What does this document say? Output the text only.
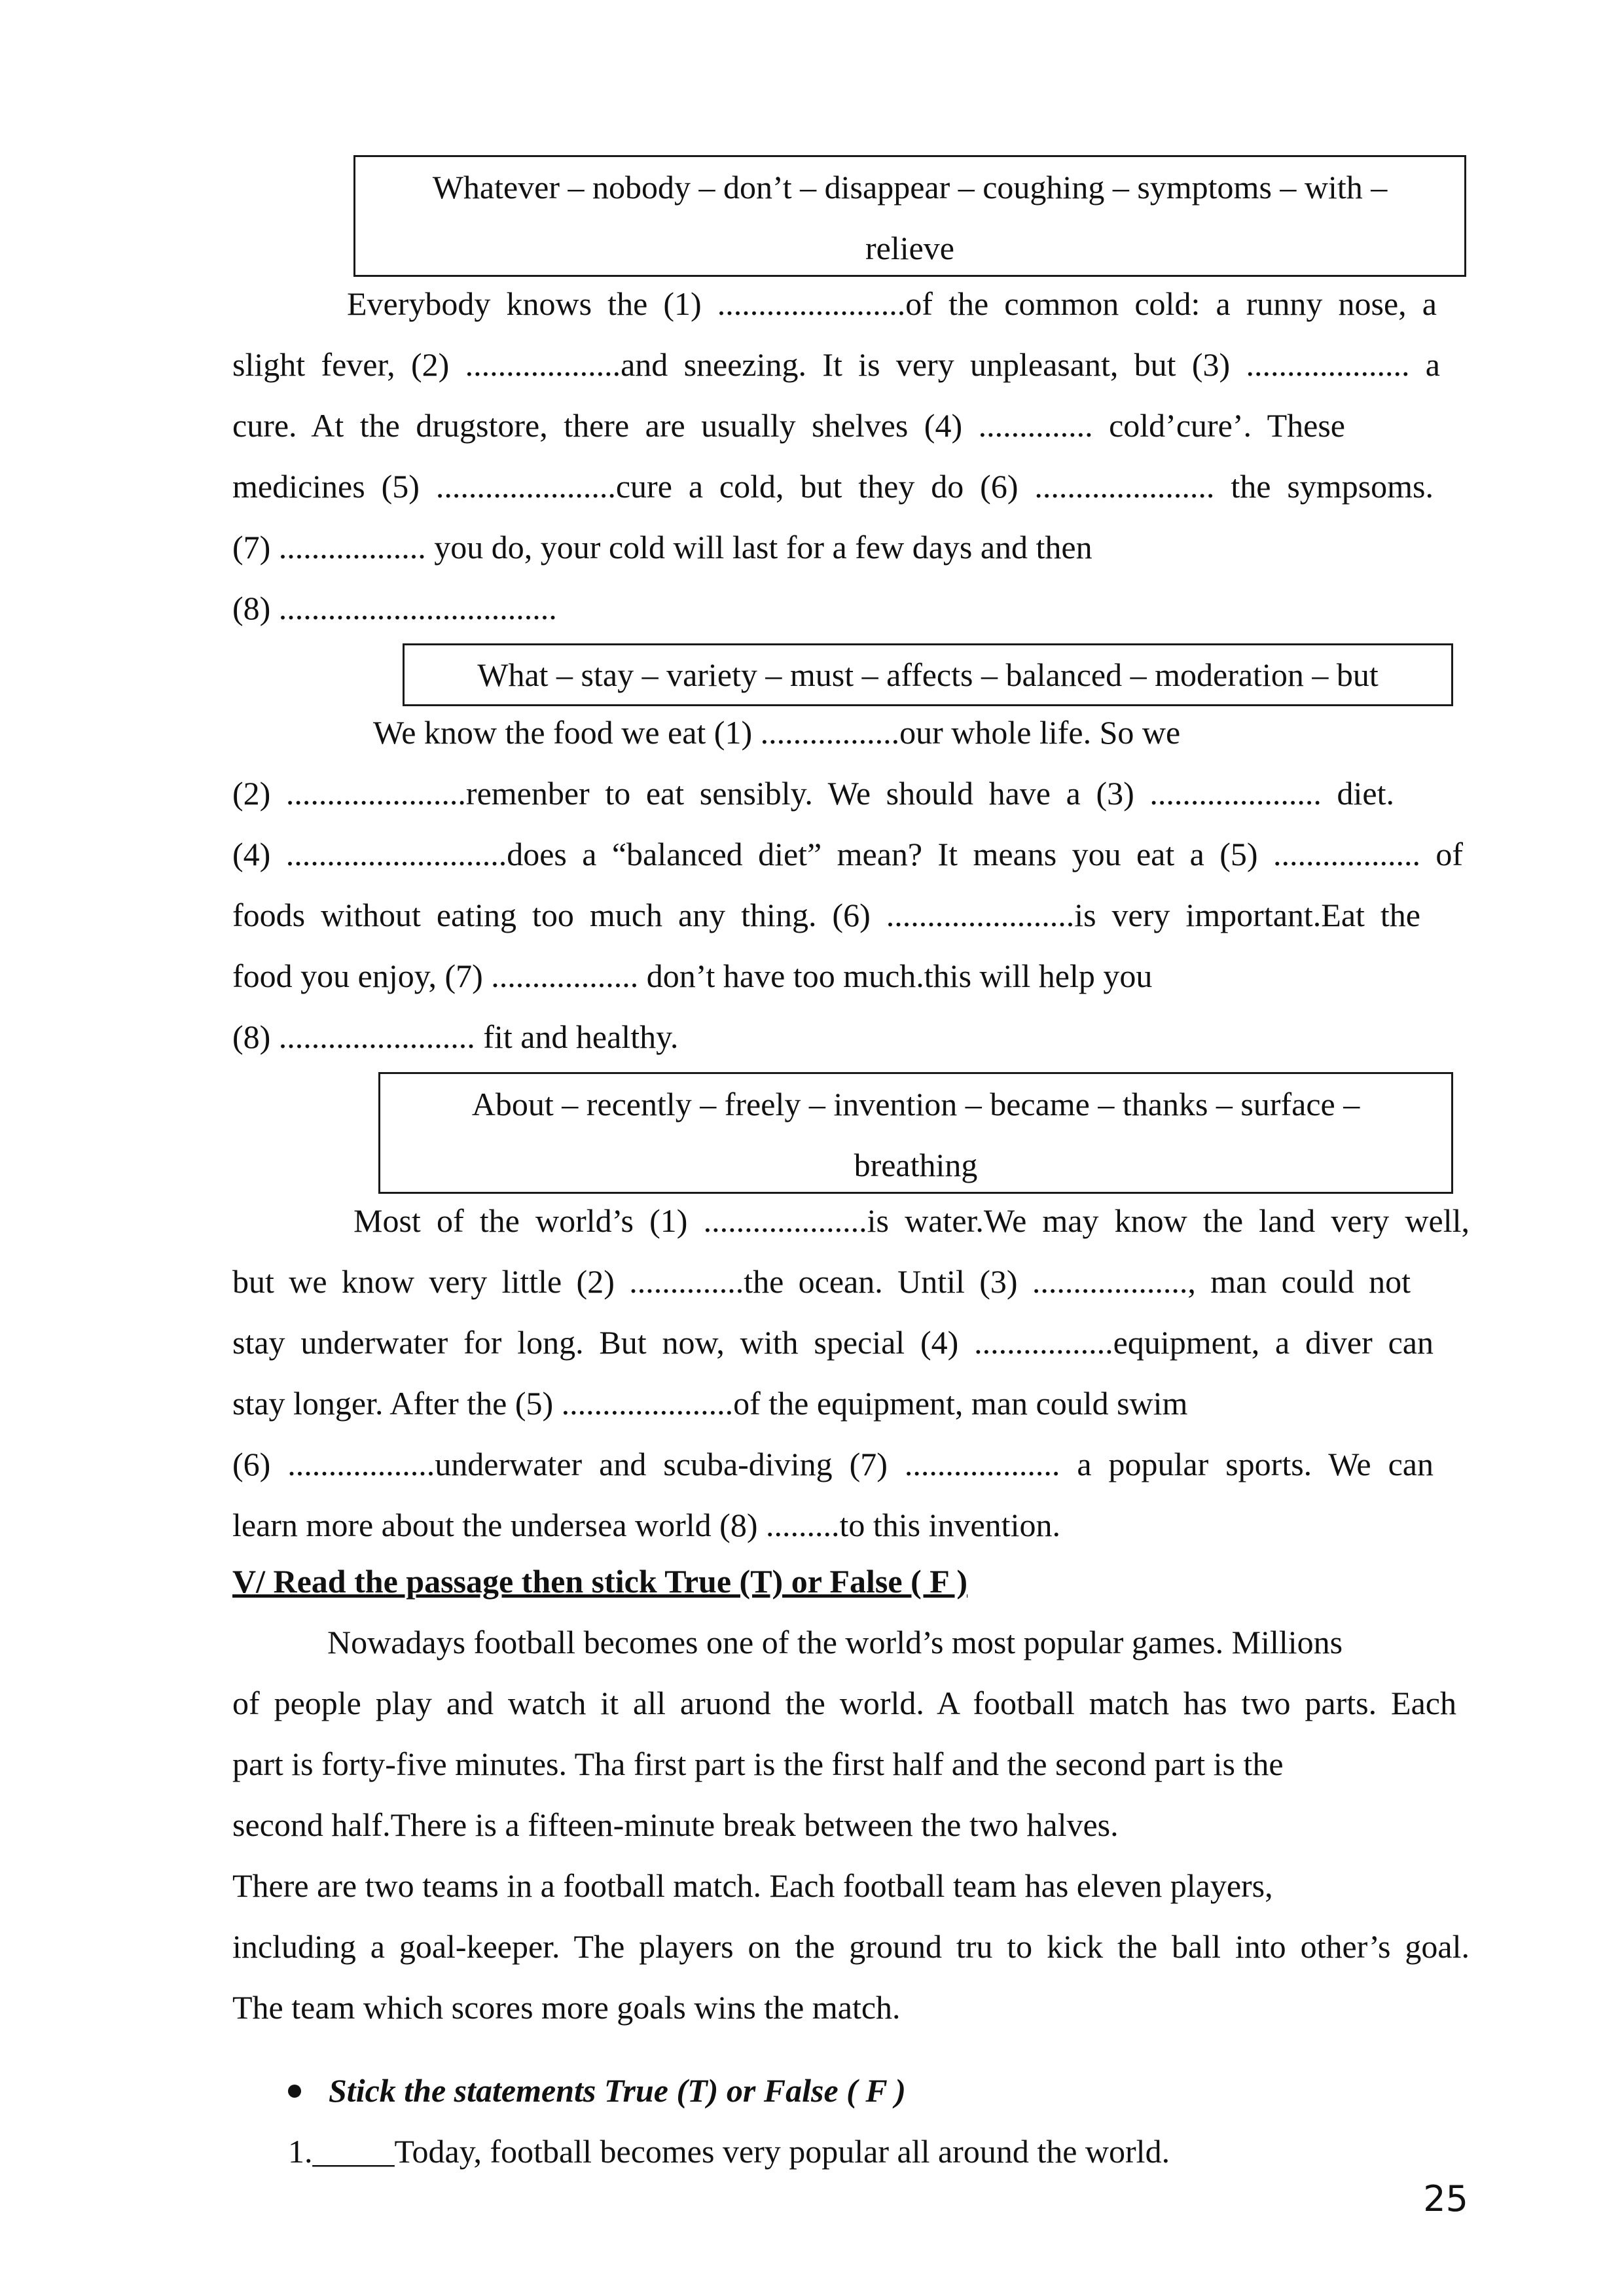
Whatever – nobody – don’t – disappear – coughing – symptoms – with –
relieve
Everybody knows the (1) .......................of the common cold: a runny nose, a
slight fever, (2) ...................and sneezing. It is very unpleasant, but (3) .................... a
cure. At the drugstore, there are usually shelves (4) .............. cold’cure’. These
medicines (5) ......................cure a cold, but they do (6) ...................... the sympsoms.
(7) .................. you do, your cold will last for a few days and then
(8) ..................................
What – stay – variety – must – affects – balanced – moderation – but
We know the food we eat (1) .................our whole life. So we
(2) ......................remenber to eat sensibly. We should have a (3) ..................... diet.
(4) ...........................does a “balanced diet” mean? It means you eat a (5) .................. of
foods without eating too much any thing. (6) .......................is very important.Eat the
food you enjoy, (7) .................. don’t have too much.this will help you
(8) ........................ fit and healthy.
About – recently – freely – invention – became – thanks – surface –
breathing
Most of the world’s (1) ....................is water.We may know the land very well,
but we know very little (2) ..............the ocean. Until (3) ..................., man could not
stay underwater for long. But now, with special (4) .................equipment, a diver can
stay longer. After the (5) .....................of the equipment, man could swim
(6) ..................underwater and scuba-diving (7) ................... a popular sports. We can
learn more about the undersea world (8) .........to this invention.
V/ Read the passage then stick True (T) or False ( F )
Nowadays football becomes one of the world’s most popular games. Millions
of people play and watch it all aruond the world. A football match has two parts. Each
part is forty-five minutes. Tha first part is the first half and the second part is the
second half.There is a fifteen-minute break between the two halves.
There are two teams in a football match. Each football team has eleven players,
including a goal-keeper. The players on the ground tru to kick the ball into other’s goal.
The team which scores more goals wins the match.
Stick the statements True (T) or False ( F )
1._____Today, football becomes very popular all around the world.
25
